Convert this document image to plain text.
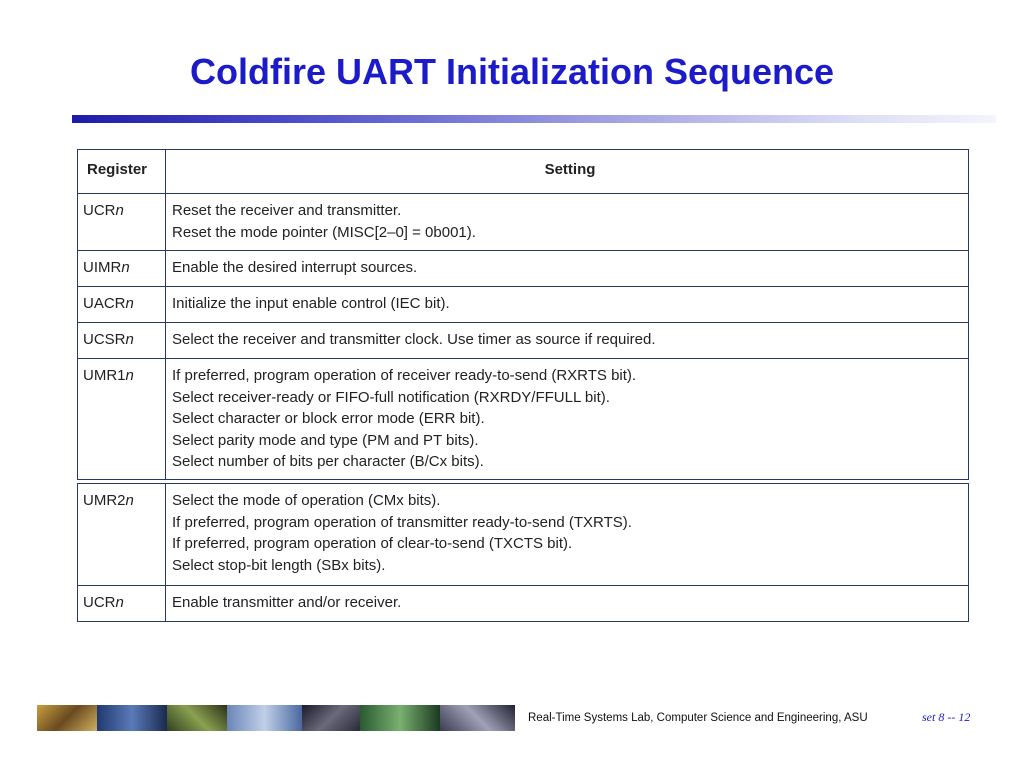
Coldfire UART Initialization Sequence
Register	Setting
UCRn	Reset the receiver and transmitter.
Reset the mode pointer (MISC[2–0] = 0b001).
UIMRn	Enable the desired interrupt sources.
UACRn	Initialize the input enable control (IEC bit).
UCSRn	Select the receiver and transmitter clock. Use timer as source if required.
UMR1n	If preferred, program operation of receiver ready-to-send (RXRTS bit).
Select receiver-ready or FIFO-full notification (RXRDY/FFULL bit).
Select character or block error mode (ERR bit).
Select parity mode and type (PM and PT bits).
Select number of bits per character (B/Cx bits).
UMR2n	Select the mode of operation (CMx bits).
If preferred, program operation of transmitter ready-to-send (TXRTS).
If preferred, program operation of clear-to-send (TXCTS bit).
Select stop-bit length (SBx bits).
UCRn	Enable transmitter and/or receiver.
Real-Time Systems Lab, Computer Science and Engineering, ASU	set 8 -- 12
